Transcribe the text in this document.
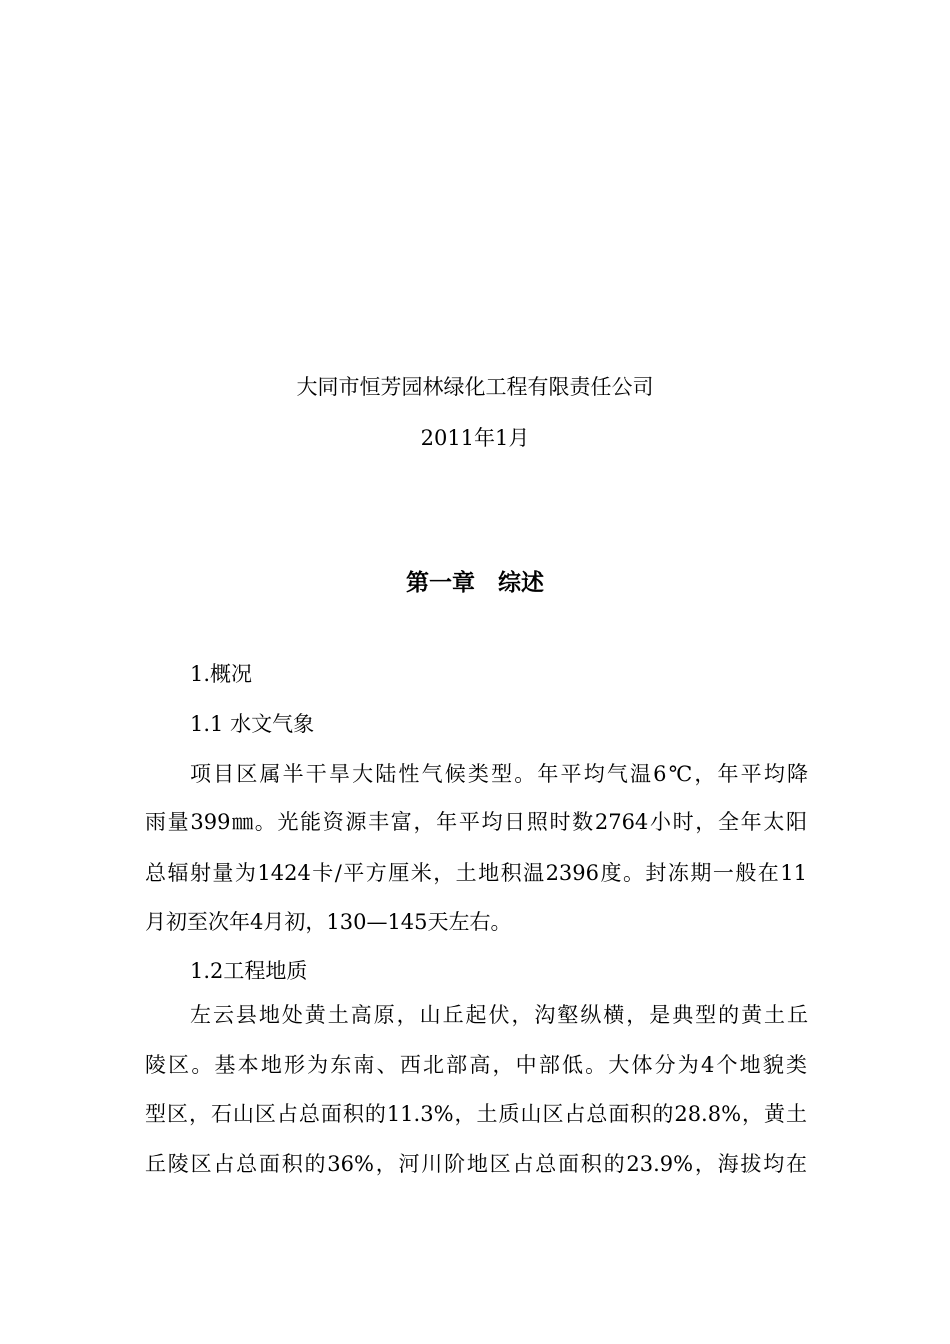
大同市恒芳园林绿化工程有限责任公司

2011年1月

第一章　综述

1.概况

1.1 水文气象

项目区属半干旱大陆性气候类型。年平均气温6℃，年平均降

雨量399㎜。光能资源丰富，年平均日照时数2764小时，全年太阳

总辐射量为1424卡/平方厘米，土地积温2396度。封冻期一般在11

月初至次年4月初，130—145天左右。

1.2工程地质

左云县地处黄土高原，山丘起伏，沟壑纵横，是典型的黄土丘

陵区。基本地形为东南、西北部高，中部低。大体分为4个地貌类

型区，石山区占总面积的11.3%，土质山区占总面积的28.8%，黄土

丘陵区占总面积的36%，河川阶地区占总面积的23.9%，海拔均在
